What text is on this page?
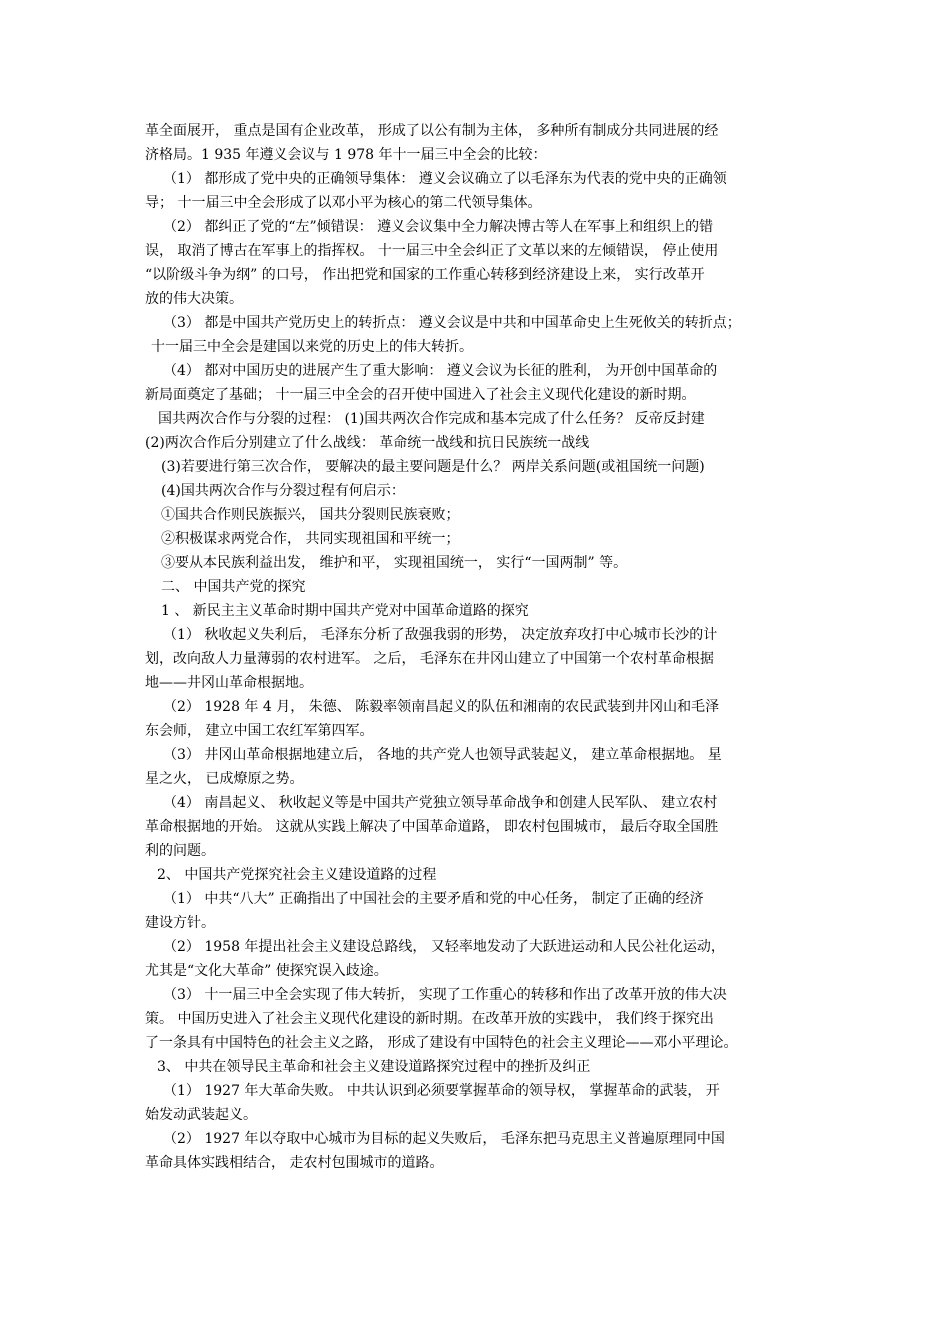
革全面展开， 重点是国有企业改革， 形成了以公有制为主体， 多种所有制成分共同进展的经
济格局。1 935 年遵义会议与 1 978 年十一届三中全会的比较：
（1） 都形成了党中央的正确领导集体： 遵义会议确立了以毛泽东为代表的党中央的正确领
导； 十一届三中全会形成了以邓小平为核心的第二代领导集体。
（2） 都纠正了党的“左”倾错误： 遵义会议集中全力解决博古等人在军事上和组织上的错
误， 取消了博古在军事上的指挥权。 十一届三中全会纠正了文革以来的左倾错误， 停止使用
“以阶级斗争为纲” 的口号， 作出把党和国家的工作重心转移到经济建设上来， 实行改革开
放的伟大决策。
（3） 都是中国共产党历史上的转折点： 遵义会议是中共和中国革命史上生死攸关的转折点；
十一届三中全会是建国以来党的历史上的伟大转折。
（4） 都对中国历史的进展产生了重大影响： 遵义会议为长征的胜利， 为开创中国革命的
新局面奠定了基础； 十一届三中全会的召开使中国进入了社会主义现代化建设的新时期。
国共两次合作与分裂的过程： (1)国共两次合作完成和基本完成了什么任务？ 反帝反封建
(2)两次合作后分别建立了什么战线： 革命统一战线和抗日民族统一战线
(3)若要进行第三次合作， 要解决的最主要问题是什么？ 两岸关系问题(或祖国统一问题)
(4)国共两次合作与分裂过程有何启示：
①国共合作则民族振兴， 国共分裂则民族衰败；
②积极谋求两党合作， 共同实现祖国和平统一；
③要从本民族利益出发， 维护和平， 实现祖国统一， 实行“一国两制” 等。
二、 中国共产党的探究
1 、 新民主主义革命时期中国共产党对中国革命道路的探究
（1） 秋收起义失利后， 毛泽东分析了敌强我弱的形势， 决定放弃攻打中心城市长沙的计
划，改向敌人力量薄弱的农村进军。 之后， 毛泽东在井冈山建立了中国第一个农村革命根据
地——井冈山革命根据地。
（2） 1928 年 4 月， 朱德、 陈毅率领南昌起义的队伍和湘南的农民武装到井冈山和毛泽
东会师， 建立中国工农红军第四军。
（3） 井冈山革命根据地建立后， 各地的共产党人也领导武装起义， 建立革命根据地。 星
星之火， 已成燎原之势。
（4） 南昌起义、 秋收起义等是中国共产党独立领导革命战争和创建人民军队、 建立农村
革命根据地的开始。 这就从实践上解决了中国革命道路， 即农村包围城市， 最后夺取全国胜
利的问题。
2、 中国共产党探究社会主义建设道路的过程
（1） 中共“八大” 正确指出了中国社会的主要矛盾和党的中心任务， 制定了正确的经济
建设方针。
（2） 1958 年提出社会主义建设总路线， 又轻率地发动了大跃进运动和人民公社化运动，
尤其是“文化大革命” 使探究误入歧途。
（3） 十一届三中全会实现了伟大转折， 实现了工作重心的转移和作出了改革开放的伟大决
策。 中国历史进入了社会主义现代化建设的新时期。在改革开放的实践中， 我们终于探究出
了一条具有中国特色的社会主义之路， 形成了建设有中国特色的社会主义理论——邓小平理论。
3、 中共在领导民主革命和社会主义建设道路探究过程中的挫折及纠正
（1） 1927 年大革命失败。 中共认识到必须要掌握革命的领导权， 掌握革命的武装， 开
始发动武装起义。
（2） 1927 年以夺取中心城市为目标的起义失败后， 毛泽东把马克思主义普遍原理同中国
革命具体实践相结合， 走农村包围城市的道路。
